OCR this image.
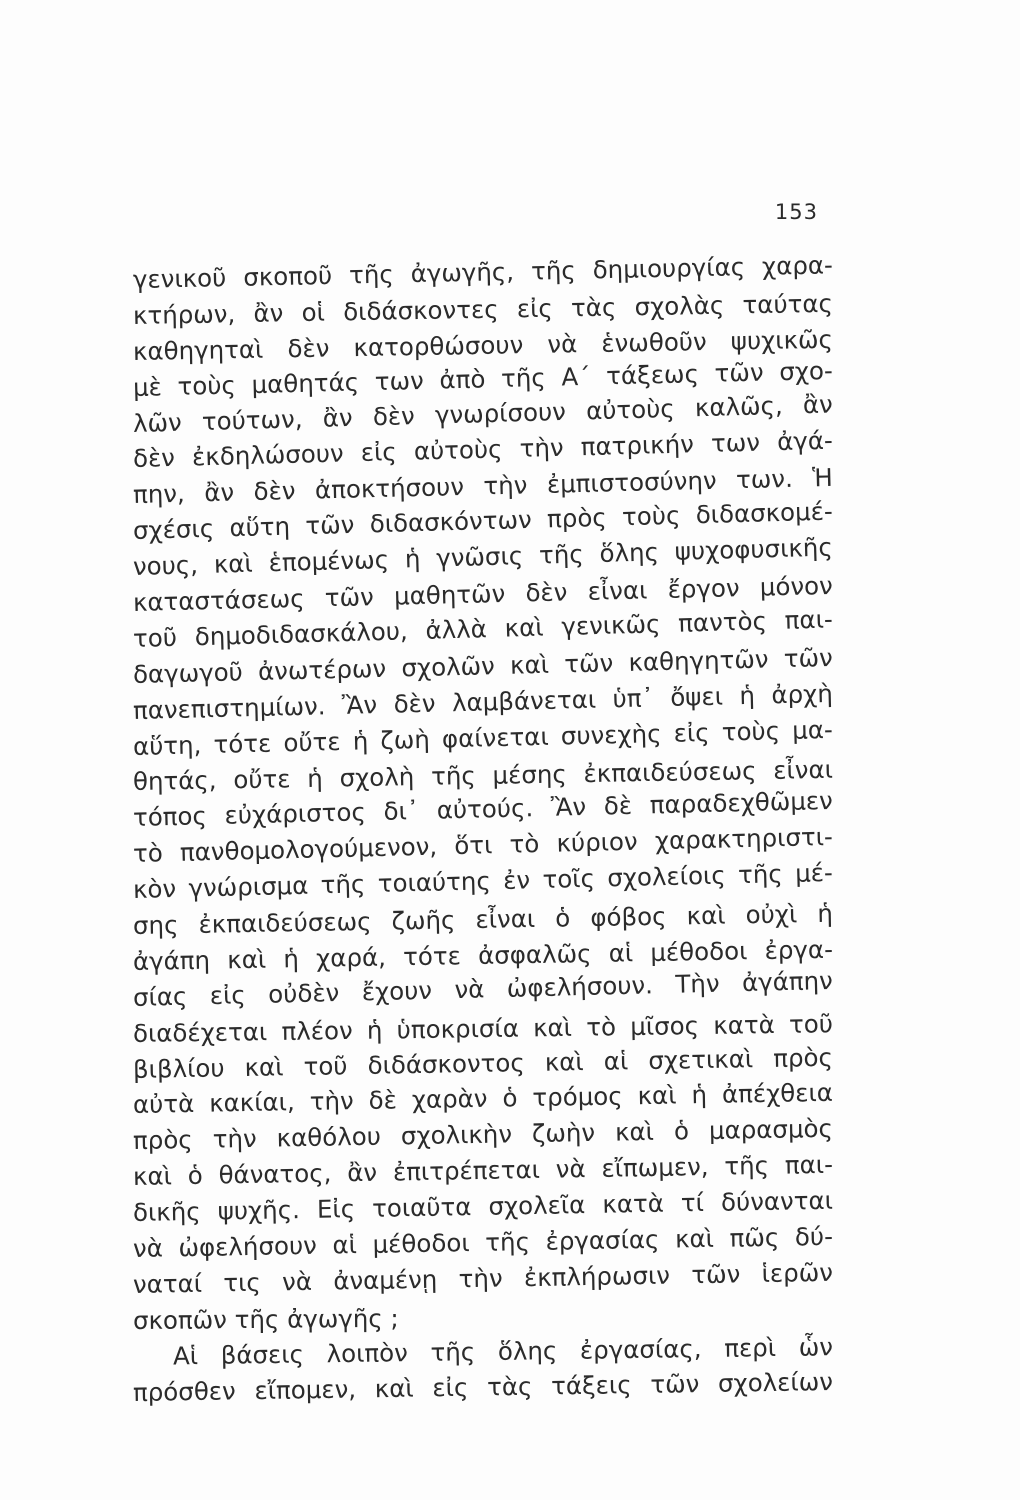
153
γενικοῦ σκοποῦ τῆς ἀγωγῆς, τῆς δημιουργίας χαρα-
κτήρων, ἂν οἱ διδάσκοντες εἰς τὰς σχολὰς ταύτας
καθηγηταὶ δὲν κατορθώσουν νὰ ἑνωθοῦν ψυχικῶς
μὲ τοὺς μαθητάς των ἀπὸ τῆς Α΄ τάξεως τῶν σχο-
λῶν τούτων, ἂν δὲν γνωρίσουν αὐτοὺς καλῶς, ἂν
δὲν ἐκδηλώσουν εἰς αὐτοὺς τὴν πατρικήν των ἀγά-
πην, ἂν δὲν ἀποκτήσουν τὴν ἐμπιστοσύνην των. Ἡ
σχέσις αὕτη τῶν διδασκόντων πρὸς τοὺς διδασκομέ-
νους, καὶ ἑπομένως ἡ γνῶσις τῆς ὅλης ψυχοφυσικῆς
καταστάσεως τῶν μαθητῶν δὲν εἶναι ἔργον μόνον
τοῦ δημοδιδασκάλου, ἀλλὰ καὶ γενικῶς παντὸς παι-
δαγωγοῦ ἀνωτέρων σχολῶν καὶ τῶν καθηγητῶν τῶν
πανεπιστημίων. Ἂν δὲν λαμβάνεται ὑπ᾽ ὄψει ἡ ἀρχὴ
αὕτη, τότε οὔτε ἡ ζωὴ φαίνεται συνεχὴς εἰς τοὺς μα-
θητάς, οὔτε ἡ σχολὴ τῆς μέσης ἐκπαιδεύσεως εἶναι
τόπος εὐχάριστος δι᾽ αὐτούς. Ἂν δὲ παραδεχθῶμεν
τὸ πανθομολογούμενον, ὅτι τὸ κύριον χαρακτηριστι-
κὸν γνώρισμα τῆς τοιαύτης ἐν τοῖς σχολείοις τῆς μέ-
σης ἐκπαιδεύσεως ζωῆς εἶναι ὁ φόβος καὶ οὐχὶ ἡ
ἀγάπη καὶ ἡ χαρά, τότε ἀσφαλῶς αἱ μέθοδοι ἐργα-
σίας εἰς οὐδὲν ἔχουν νὰ ὠφελήσουν. Τὴν ἀγάπην
διαδέχεται πλέον ἡ ὑποκρισία καὶ τὸ μῖσος κατὰ τοῦ
βιβλίου καὶ τοῦ διδάσκοντος καὶ αἱ σχετικαὶ πρὸς
αὐτὰ κακίαι, τὴν δὲ χαρὰν ὁ τρόμος καὶ ἡ ἀπέχθεια
πρὸς τὴν καθόλου σχολικὴν ζωὴν καὶ ὁ μαρασμὸς
καὶ ὁ θάνατος, ἂν ἐπιτρέπεται νὰ εἴπωμεν, τῆς παι-
δικῆς ψυχῆς. Εἰς τοιαῦτα σχολεῖα κατὰ τί δύνανται
νὰ ὠφελήσουν αἱ μέθοδοι τῆς ἐργασίας καὶ πῶς δύ-
ναταί τις νὰ ἀναμένῃ τὴν ἐκπλήρωσιν τῶν ἱερῶν
σκοπῶν τῆς ἀγωγῆς ;
Αἱ βάσεις λοιπὸν τῆς ὅλης ἐργασίας, περὶ ὧν
πρόσθεν εἴπομεν, καὶ εἰς τὰς τάξεις τῶν σχολείων
